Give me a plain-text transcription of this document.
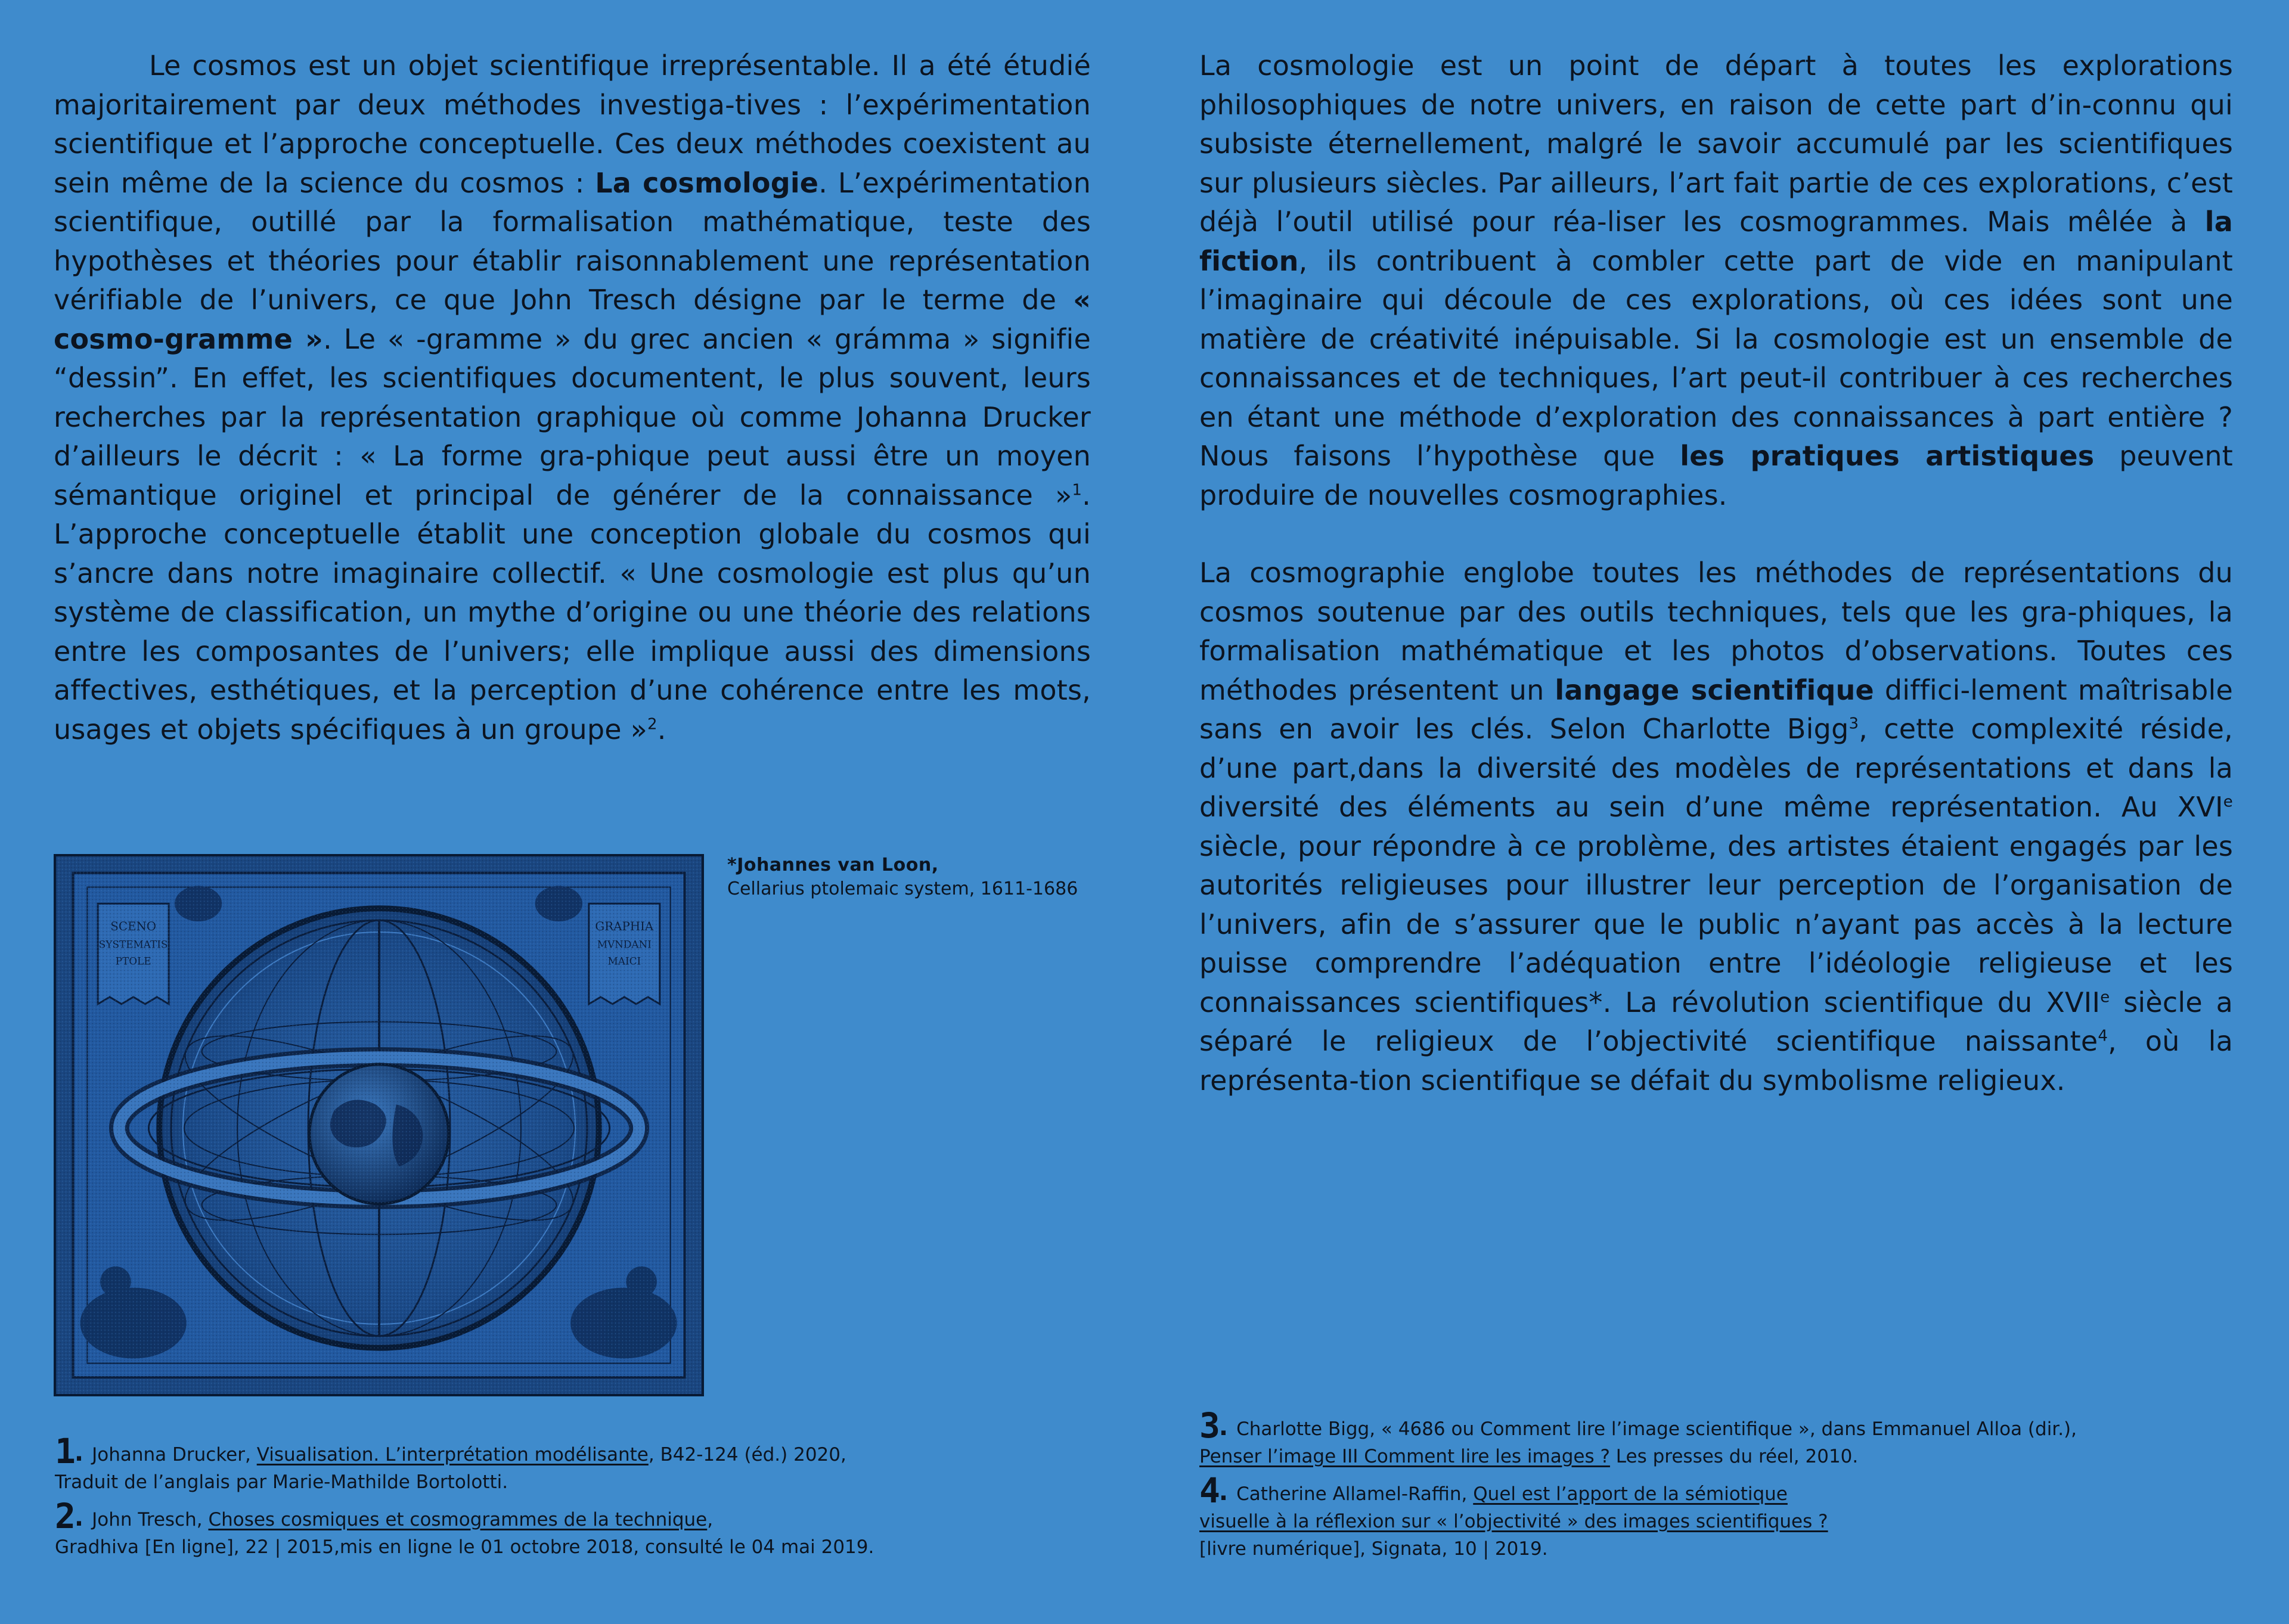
Le cosmos est un objet scientifique irreprésentable. Il a été étudié majoritairement par deux méthodes investiga-tives : l’expérimentation scientifique et l’approche conceptuelle. Ces deux méthodes coexistent au sein même de la science du cosmos : La cosmologie. L’expérimentation scientifique, outillé par la formalisation mathématique, teste des hypothèses et théories pour établir raisonnablement une représentation vérifiable de l’univers, ce que John Tresch désigne par le terme de « cosmo-gramme ». Le « -gramme » du grec ancien « grámma » signifie “dessin”. En effet, les scientifiques documentent, le plus souvent, leurs recherches par la représentation graphique où comme Johanna Drucker d’ailleurs le décrit : « La forme gra-phique peut aussi être un moyen sémantique originel et principal de générer de la connaissance »$^1$. L’approche conceptuelle établit une conception globale du cosmos qui s’ancre dans notre imaginaire collectif. « Une cosmologie est plus qu’un système de classification, un mythe d’origine ou une théorie des relations entre les composantes de l’univers; elle implique aussi des dimensions affectives, esthétiques, et la perception d’une cohérence entre les mots, usages et objets spécifiques à un groupe »$^2$.

*Johannes van Loon,
Cellarius ptolemaic system, 1611-1686
1. Johanna Drucker, Visualisation. L’interprétation modélisante, B42-124 (éd.) 2020,
Traduit de l’anglais par Marie-Mathilde Bortolotti.
2. John Tresch, Choses cosmiques et cosmogrammes de la technique,
Gradhiva [En ligne], 22 | 2015,mis en ligne le 01 octobre 2018, consulté le 04 mai 2019.

La cosmologie est un point de départ à toutes les explorations philosophiques de notre univers, en raison de cette part d’in-connu qui subsiste éternellement, malgré le savoir accumulé par les scientifiques sur plusieurs siècles. Par ailleurs, l’art fait partie de ces explorations, c’est déjà l’outil utilisé pour réa-liser les cosmogrammes. Mais mêlée à la fiction, ils contribuent à combler cette part de vide en manipulant l’imaginaire qui découle de ces explorations, où ces idées sont une matière de créativité inépuisable. Si la cosmologie est un ensemble de connaissances et de techniques, l’art peut-il contribuer à ces recherches en étant une méthode d’exploration des connaissances à part entière ? Nous faisons l’hypothèse que les pratiques artistiques peuvent produire de nouvelles cosmographies.

La cosmographie englobe toutes les méthodes de représentations du cosmos soutenue par des outils techniques, tels que les gra-phiques, la formalisation mathématique et les photos d’observations. Toutes ces méthodes présentent un langage scientifique diffici-lement maîtrisable sans en avoir les clés. Selon Charlotte Bigg$^3$, cette complexité réside, d’une part,dans la diversité des modèles de représentations et dans la diversité des éléments au sein d’une même représentation. Au XVIe siècle, pour répondre à ce problème, des artistes étaient engagés par les autorités religieuses pour illustrer leur perception de l’organisation de l’univers, afin de s’assurer que le public n’ayant pas accès à la lecture puisse comprendre l’adéquation entre l’idéologie religieuse et les connaissances scientifiques*. La révolution scientifique du XVIIe siècle a séparé le religieux de l’objectivité scientifique naissante$^4$, où la représenta-tion scientifique se défait du symbolisme religieux.

3. Charlotte Bigg, « 4686 ou Comment lire l’image scientifique », dans Emmanuel Alloa (dir.),
Penser l’image III Comment lire les images ? Les presses du réel, 2010.
4. Catherine Allamel-Raffin, Quel est l’apport de la sémiotique
visuelle à la réflexion sur « l’objectivité » des images scientifiques ?
[livre numérique], Signata, 10 | 2019.
